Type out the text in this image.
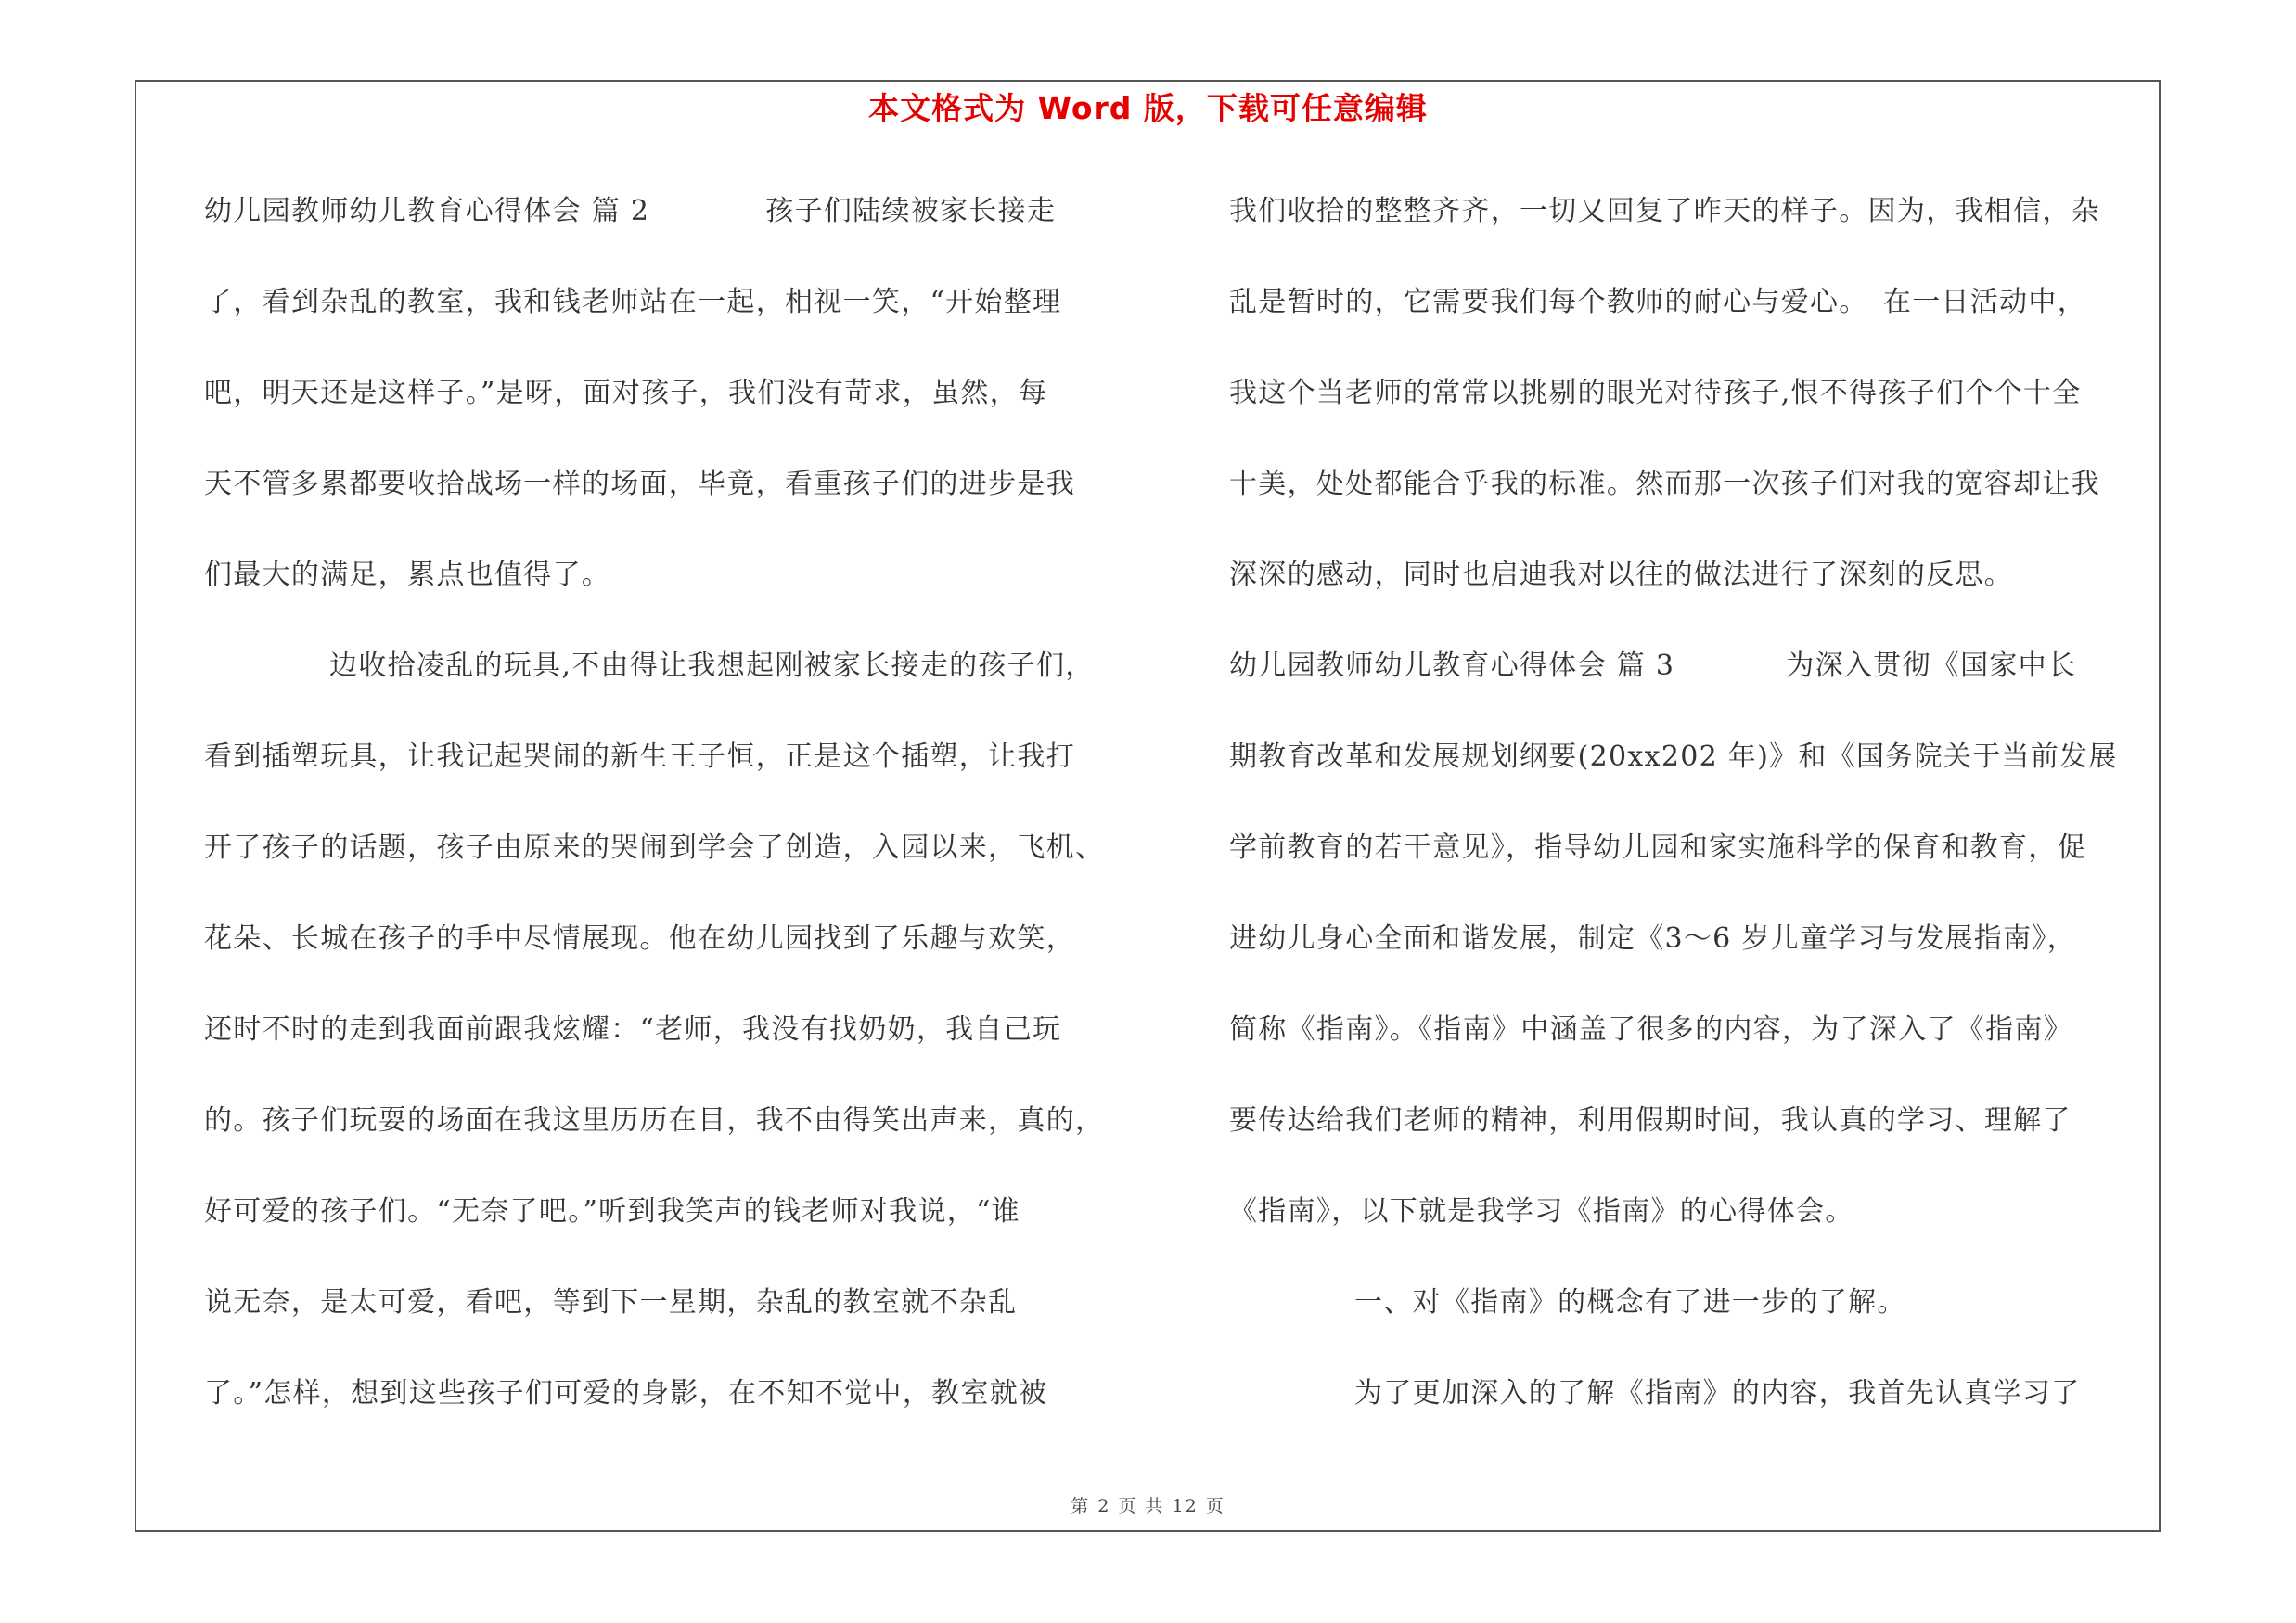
本文格式为 Word 版，下载可任意编辑
幼儿园教师幼儿教育心得体会 篇 2	孩子们陆续被家长接走
了，看到杂乱的教室，我和钱老师站在一起，相视一笑，“开始整理
吧，明天还是这样子。”是呀，面对孩子，我们没有苛求，虽然，每
天不管多累都要收拾战场一样的场面，毕竟，看重孩子们的进步是我
们最大的满足，累点也值得了。
边收拾凌乱的玩具,不由得让我想起刚被家长接走的孩子们，
看到插塑玩具，让我记起哭闹的新生王子恒，正是这个插塑，让我打
开了孩子的话题，孩子由原来的哭闹到学会了创造，入园以来，飞机、
花朵、长城在孩子的手中尽情展现。他在幼儿园找到了乐趣与欢笑，
还时不时的走到我面前跟我炫耀：“老师，我没有找奶奶，我自己玩
的。孩子们玩耍的场面在我这里历历在目，我不由得笑出声来，真的，
好可爱的孩子们。“无奈了吧。”听到我笑声的钱老师对我说，“谁
说无奈，是太可爱，看吧，等到下一星期，杂乱的教室就不杂乱
了。”怎样，想到这些孩子们可爱的身影，在不知不觉中，教室就被
我们收拾的整整齐齐，一切又回复了昨天的样子。因为，我相信，杂
乱是暂时的，它需要我们每个教师的耐心与爱心。　在一日活动中，
我这个当老师的常常以挑剔的眼光对待孩子,恨不得孩子们个个十全
十美，处处都能合乎我的标准。然而那一次孩子们对我的宽容却让我
深深的感动，同时也启迪我对以往的做法进行了深刻的反思。
幼儿园教师幼儿教育心得体会 篇 3	为深入贯彻《国家中长
期教育改革和发展规划纲要(20xx202 年)》和《国务院关于当前发展
学前教育的若干意见》，指导幼儿园和家实施科学的保育和教育，促
进幼儿身心全面和谐发展，制定《3～6 岁儿童学习与发展指南》，
简称《指南》。《指南》中涵盖了很多的内容，为了深入了《指南》
要传达给我们老师的精神，利用假期时间，我认真的学习、理解了
《指南》，以下就是我学习《指南》的心得体会。
一、对《指南》的概念有了进一步的了解。
为了更加深入的了解《指南》的内容，我首先认真学习了
第 2 页 共 12 页
